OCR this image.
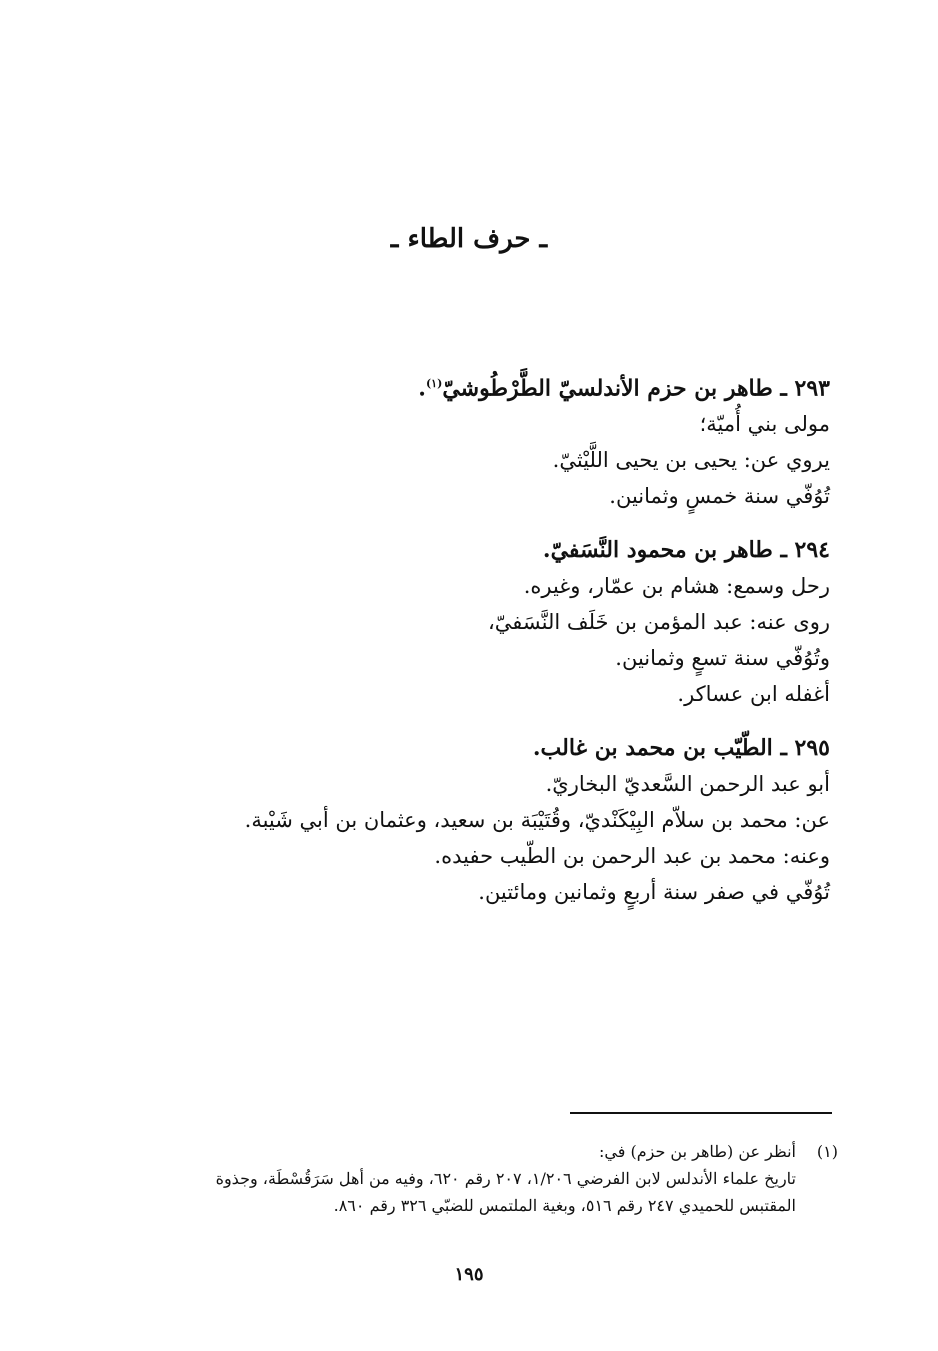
ـ حرف الطاء ـ
٢٩٣ ـ طاهر بن حزم الأندلسيّ الطَّرْطُوشيّ$^{(١)}$.
مولى بني أُميّة؛
يروي عن: يحيى بن يحيى اللَّيْثيّ.
تُوُفّي سنة خمسٍ وثمانين.
٢٩٤ ـ طاهر بن محمود النَّسَفيّ.
رحل وسمع: هشام بن عمّار، وغيره.
روى عنه: عبد المؤمن بن خَلَف النَّسَفيّ،
وتُوُفّي سنة تسعٍ وثمانين.
أغفله ابن عساكر.
٢٩٥ ـ الطّيّب بن محمد بن غالب.
أبو عبد الرحمن السَّعديّ البخاريّ.
عن: محمد بن سلاّم البِيْكَنْديّ، وقُتَيْبَة بن سعيد، وعثمان بن أبي شَيْبة.
وعنه: محمد بن عبد الرحمن بن الطّيب حفيده.
تُوُفّي في صفر سنة أربعٍ وثمانين ومائتين.
(١)أنظر عن (طاهر بن حزم) في:
تاريخ علماء الأندلس لابن الفرضي ١/٢٠٦، ٢٠٧ رقم ٦٢٠، وفيه من أهل سَرَقُسْطَة، وجذوة
المقتبس للحميدي ٢٤٧ رقم ٥١٦، وبغية الملتمس للضبّي ٣٢٦ رقم ٨٦٠.
١٩٥
